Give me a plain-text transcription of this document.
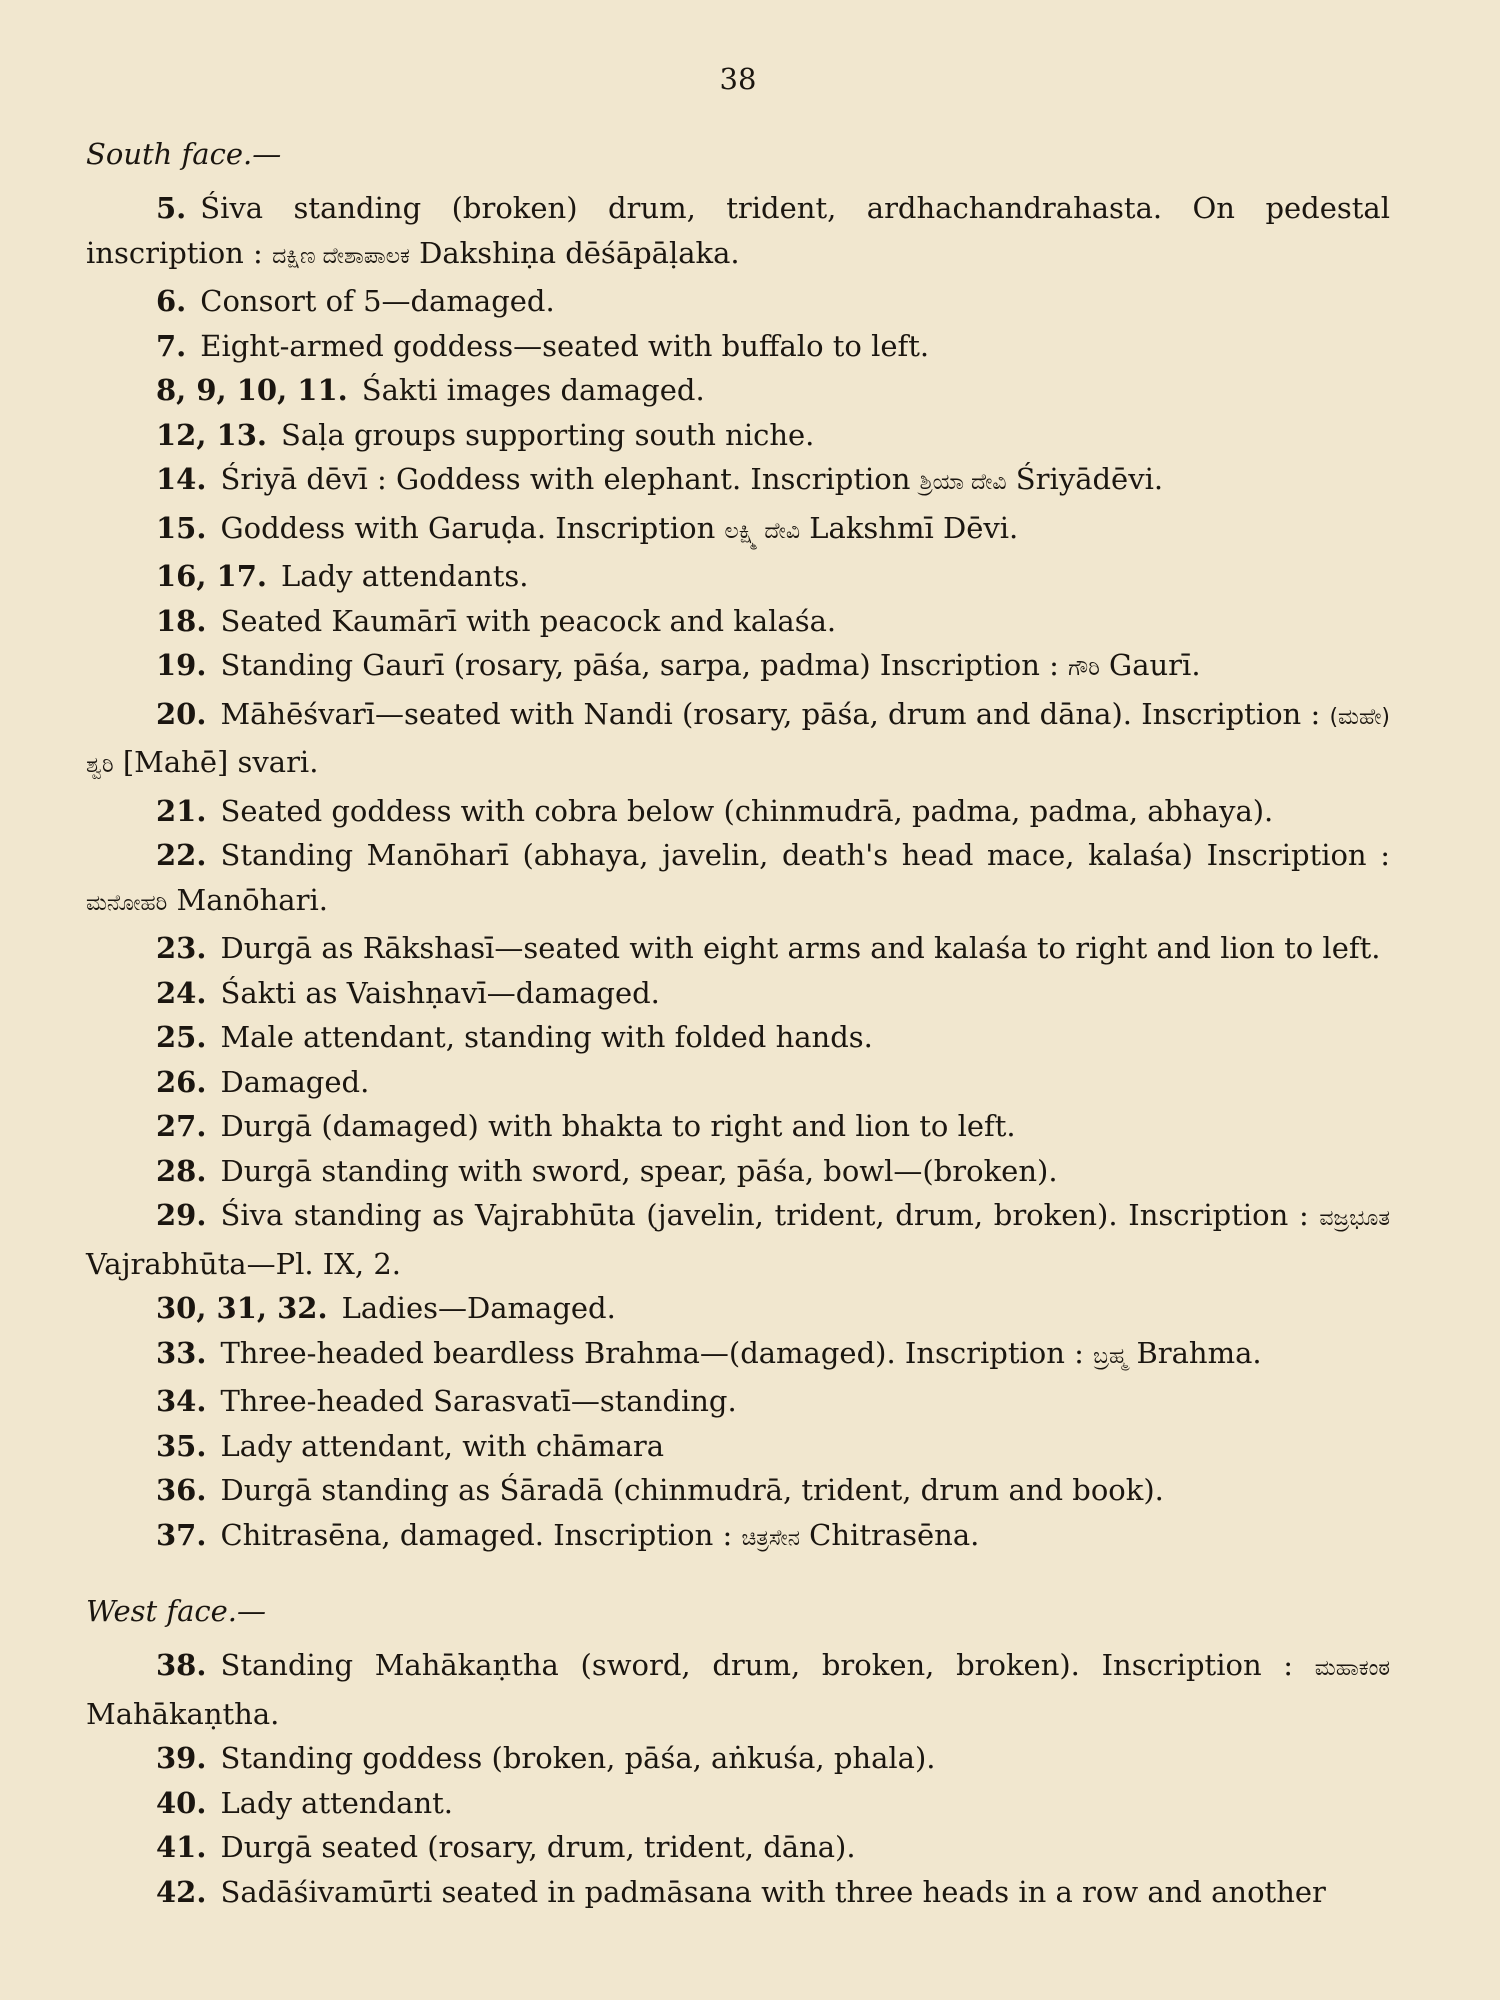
38
South face.—

5. Śiva standing (broken) drum, trident, ardhachandrahasta. On pedestal inscription : ದಕ್ಷಿಣ ದೇಶಾಪಾಲಕ Dakshiṇa dēśāpāḷaka.

6. Consort of 5—damaged.

7. Eight-armed goddess—seated with buffalo to left.

8, 9, 10, 11. Śakti images damaged.

12, 13. Saḷa groups supporting south niche.

14. Śriyā dēvī : Goddess with elephant. Inscription ಶ್ರಿಯಾ ದೇವಿ Śriyādēvi.

15. Goddess with Garuḍa. Inscription ಲಕ್ಷ್ಮಿ ದೇವಿ Lakshmī Dēvi.

16, 17. Lady attendants.

18. Seated Kaumārī with peacock and kalaśa.

19. Standing Gaurī (rosary, pāśa, sarpa, padma) Inscription : ಗೌರಿ Gaurī.

20. Māhēśvarī—seated with Nandi (rosary, pāśa, drum and dāna). Inscription : (ಮಹೇ) ಶ್ವರಿ [Mahē] svari.

21. Seated goddess with cobra below (chinmudrā, padma, padma, abhaya).

22. Standing Manōharī (abhaya, javelin, death's head mace, kalaśa) Inscription : ಮನೋಹರಿ Manōhari.

23. Durgā as Rākshasī—seated with eight arms and kalaśa to right and lion to left.

24. Śakti as Vaishṇavī—damaged.

25. Male attendant, standing with folded hands.

26. Damaged.

27. Durgā (damaged) with bhakta to right and lion to left.

28. Durgā standing with sword, spear, pāśa, bowl—(broken).

29. Śiva standing as Vajrabhūta (javelin, trident, drum, broken). Inscription : ವಜ್ರಭೂತ Vajrabhūta—Pl. IX, 2.

30, 31, 32. Ladies—Damaged.

33. Three-headed beardless Brahma—(damaged). Inscription : ಬ್ರಹ್ಮ Brahma.

34. Three-headed Sarasvatī—standing.

35. Lady attendant, with chāmara

36. Durgā standing as Śāradā (chinmudrā, trident, drum and book).

37. Chitrasēna, damaged. Inscription : ಚಿತ್ರಸೇನ Chitrasēna.

West face.—

38. Standing Mahākaṇtha (sword, drum, broken, broken). Inscription : ಮಹಾಕಂಠ Mahākaṇtha.

39. Standing goddess (broken, pāśa, aṅkuśa, phala).

40. Lady attendant.

41. Durgā seated (rosary, drum, trident, dāna).

42. Sadāśivamūrti seated in padmāsana with three heads in a row and another
